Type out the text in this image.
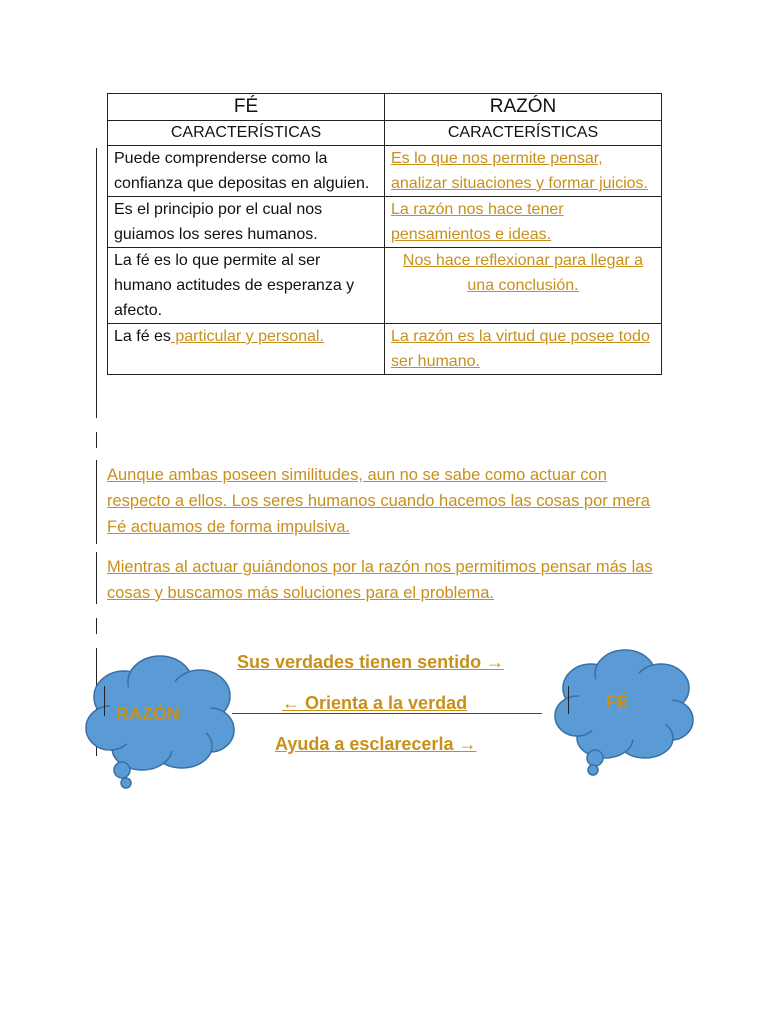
FÉ	RAZÓN
CARACTERÍSTICAS	CARACTERÍSTICAS
Puede comprenderse como la confianza que depositas en alguien.	Es lo que nos permite pensar, analizar situaciones y formar juicios.
Es el principio por el cual nos guiamos los seres humanos.	La razón nos hace tener pensamientos e ideas.
La fé es lo que permite al ser humano actitudes de esperanza y afecto.	Nos hace reflexionar para llegar a una conclusión.
La fé es particular y personal.	La razón es la virtud que posee todo ser humano.
Aunque ambas poseen similitudes, aun no se sabe como actuar con respecto a ellos. Los seres humanos cuando hacemos las cosas por mera Fé actuamos de forma impulsiva.
Mientras al actuar guiándonos por la razón nos permitimos pensar más las cosas y buscamos más soluciones para el problema.
RAZÓN
FÉ
Sus verdades tienen sentido →
← Orienta a la verdad
Ayuda a esclarecerla →
